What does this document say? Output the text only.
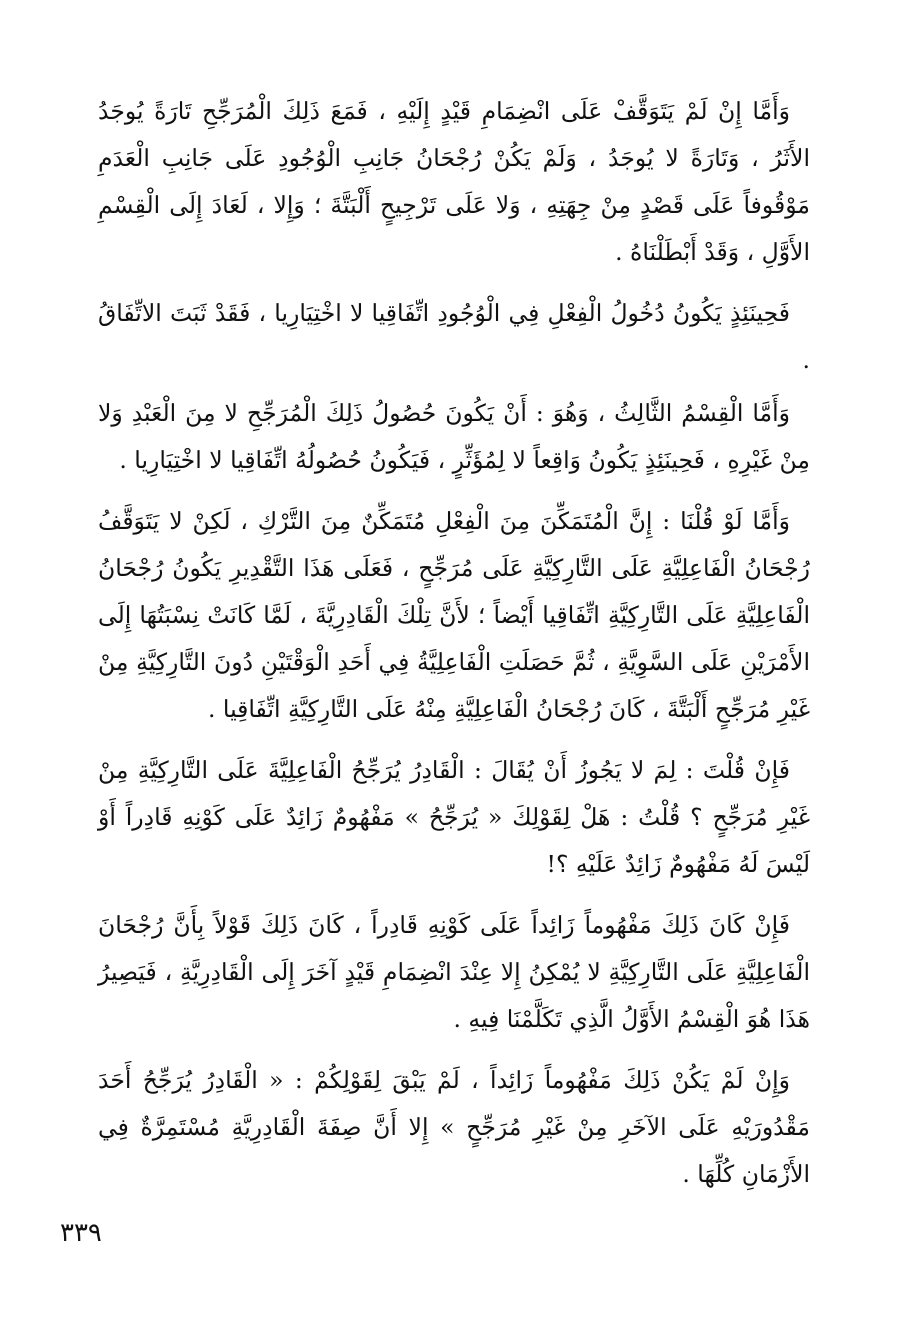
وَأَمَّا إِنْ لَمْ يَتَوَقَّفْ عَلَى انْضِمَامِ قَيْدٍ إِلَيْهِ ، فَمَعَ ذَلِكَ الْمُرَجِّحِ تَارَةً يُوجَدُ الأَثَرُ ، وَتَارَةً لا يُوجَدُ ، وَلَمْ يَكُنْ رُجْحَانُ جَانِبِ الْوُجُودِ عَلَى جَانِبِ الْعَدَمِ مَوْقُوفاً عَلَى قَصْدٍ مِنْ جِهَتِهِ ، وَلا عَلَى تَرْجِيحٍ أَلْبَتَّةَ ؛ وَإِلا ، لَعَادَ إِلَى الْقِسْمِ الأَوَّلِ ، وَقَدْ أَبْطَلْنَاهُ .

فَحِينَئِذٍ يَكُونُ دُخُولُ الْفِعْلِ فِي الْوُجُودِ اتِّفَاقِيا لا اخْتِيَارِيا ، فَقَدْ ثَبَتَ الاتِّفَاقُ .

وَأَمَّا الْقِسْمُ الثَّالِثُ ، وَهُوَ : أَنْ يَكُونَ حُصُولُ ذَلِكَ الْمُرَجِّحِ لا مِنَ الْعَبْدِ وَلا مِنْ غَيْرِهِ ، فَحِينَئِذٍ يَكُونُ وَاقِعاً لا لِمُؤَثِّرٍ ، فَيَكُونُ حُصُولُهُ اتِّفَاقِيا لا اخْتِيَارِيا .

وَأَمَّا لَوْ قُلْنَا : إِنَّ الْمُتَمَكِّنَ مِنَ الْفِعْلِ مُتَمَكِّنٌ مِنَ التَّرْكِ ، لَكِنْ لا يَتَوَقَّفُ رُجْحَانُ الْفَاعِلِيَّةِ عَلَى التَّارِكِيَّةِ عَلَى مُرَجِّحٍ ، فَعَلَى هَذَا التَّقْدِيرِ يَكُونُ رُجْحَانُ الْفَاعِلِيَّةِ عَلَى التَّارِكِيَّةِ اتِّفَاقِيا أَيْضاً ؛ لأَنَّ تِلْكَ الْقَادِرِيَّةَ ، لَمَّا كَانَتْ نِسْبَتُهَا إِلَى الأَمْرَيْنِ عَلَى السَّوِيَّةِ ، ثُمَّ حَصَلَتِ الْفَاعِلِيَّةُ فِي أَحَدِ الْوَقْتَيْنِ دُونَ التَّارِكِيَّةِ مِنْ غَيْرِ مُرَجِّحٍ أَلْبَتَّةَ ، كَانَ رُجْحَانُ الْفَاعِلِيَّةِ مِنْهُ عَلَى التَّارِكِيَّةِ اتِّفَاقِيا .

فَإِنْ قُلْتَ : لِمَ لا يَجُوزُ أَنْ يُقَالَ : الْقَادِرُ يُرَجِّحُ الْفَاعِلِيَّةَ عَلَى التَّارِكِيَّةِ مِنْ غَيْرِ مُرَجِّحٍ ؟ قُلْتُ : هَلْ لِقَوْلِكَ « يُرَجِّحُ » مَفْهُومٌ زَائِدٌ عَلَى كَوْنِهِ قَادِراً أَوْ لَيْسَ لَهُ مَفْهُومٌ زَائِدٌ عَلَيْهِ ؟!

فَإِنْ كَانَ ذَلِكَ مَفْهُوماً زَائِداً عَلَى كَوْنِهِ قَادِراً ، كَانَ ذَلِكَ قَوْلاً بِأَنَّ رُجْحَانَ الْفَاعِلِيَّةِ عَلَى التَّارِكِيَّةِ لا يُمْكِنُ إِلا عِنْدَ انْضِمَامِ قَيْدٍ آخَرَ إِلَى الْقَادِرِيَّةِ ، فَيَصِيرُ هَذَا هُوَ الْقِسْمُ الأَوَّلُ الَّذِي تَكَلَّمْنَا فِيهِ .

وَإِنْ لَمْ يَكُنْ ذَلِكَ مَفْهُوماً زَائِداً ، لَمْ يَبْقَ لِقَوْلِكُمْ : « الْقَادِرُ يُرَجِّحُ أَحَدَ مَقْدُورَيْهِ عَلَى الآخَرِ مِنْ غَيْرِ مُرَجِّحٍ » إِلا أَنَّ صِفَةَ الْقَادِرِيَّةِ مُسْتَمِرَّةٌ فِي الأَزْمَانِ كُلِّهَا .

٣٣٩
